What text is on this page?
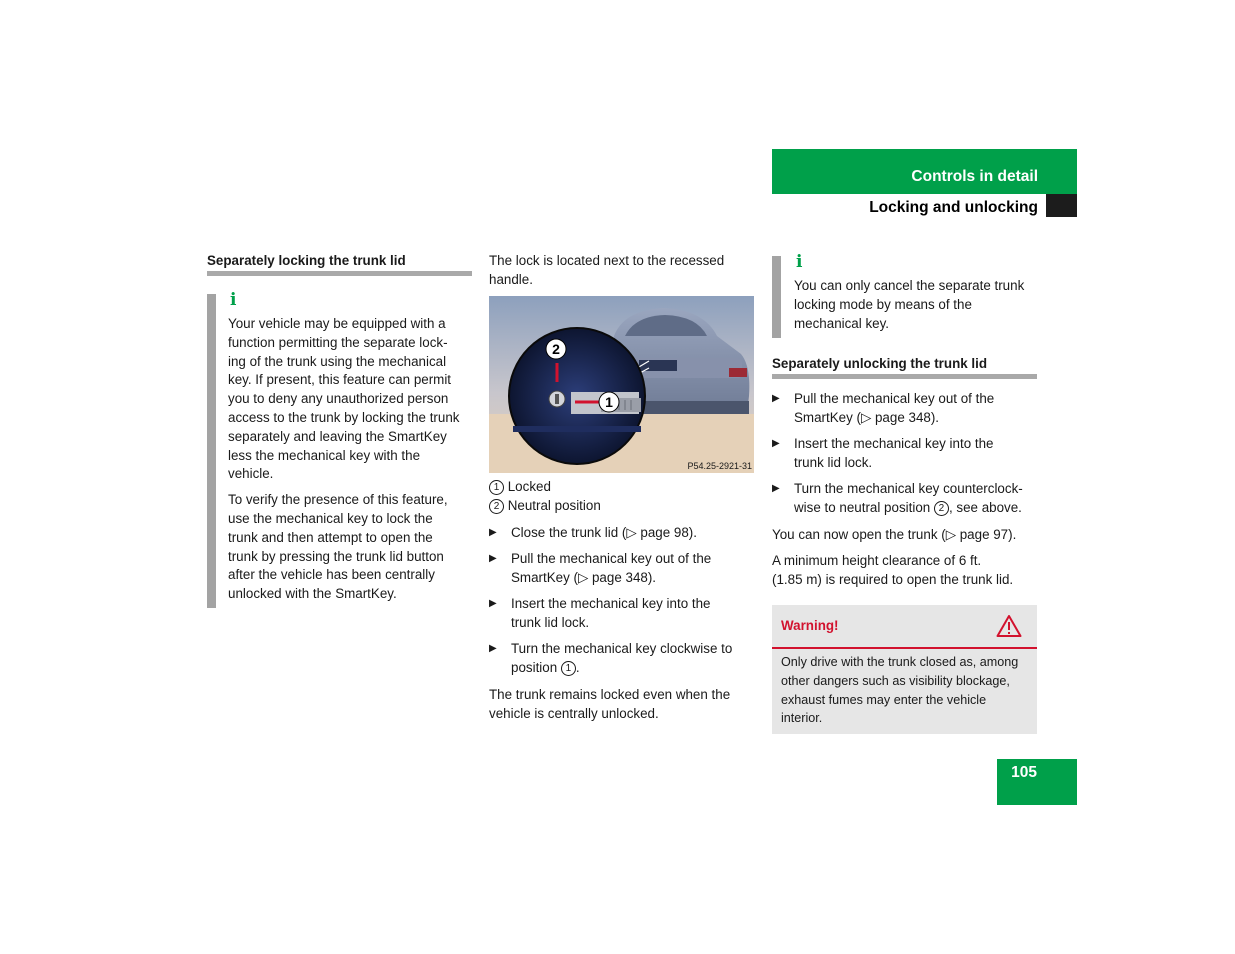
Controls in detail
Locking and unlocking
Separately locking the trunk lid
i

Your vehicle may be equipped with a
function permitting the separate lock-
ing of the trunk using the mechanical
key. If present, this feature can permit
you to deny any unauthorized person
access to the trunk by locking the trunk
separately and leaving the SmartKey
less the mechanical key with the
vehicle.

To verify the presence of this feature,
use the mechanical key to lock the
trunk and then attempt to open the
trunk by pressing the trunk lid button
after the vehicle has been centrally
unlocked with the SmartKey.

The lock is located next to the recessed
handle.

2
1
P54.25-2921-31

1 Locked

2 Neutral position

▶ Close the trunk lid (▷ page 98).
▶ Pull the mechanical key out of the
SmartKey (▷ page 348).
▶ Insert the mechanical key into the
trunk lid lock.
▶ Turn the mechanical key clockwise to
position 1 .

The trunk remains locked even when the
vehicle is centrally unlocked.

i

You can only cancel the separate trunk
locking mode by means of the
mechanical key.

Separately unlocking the trunk lid
▶ Pull the mechanical key out of the
SmartKey (▷ page 348).
▶ Insert the mechanical key into the
trunk lid lock.
▶ Turn the mechanical key counterclock-
wise to neutral position 2 , see above.

You can now open the trunk (▷ page 97).

A minimum height clearance of 6 ft.
(1.85 m) is required to open the trunk lid.

Warning!
Only drive with the trunk closed as, among
other dangers such as visibility blockage,
exhaust fumes may enter the vehicle
interior.
105
